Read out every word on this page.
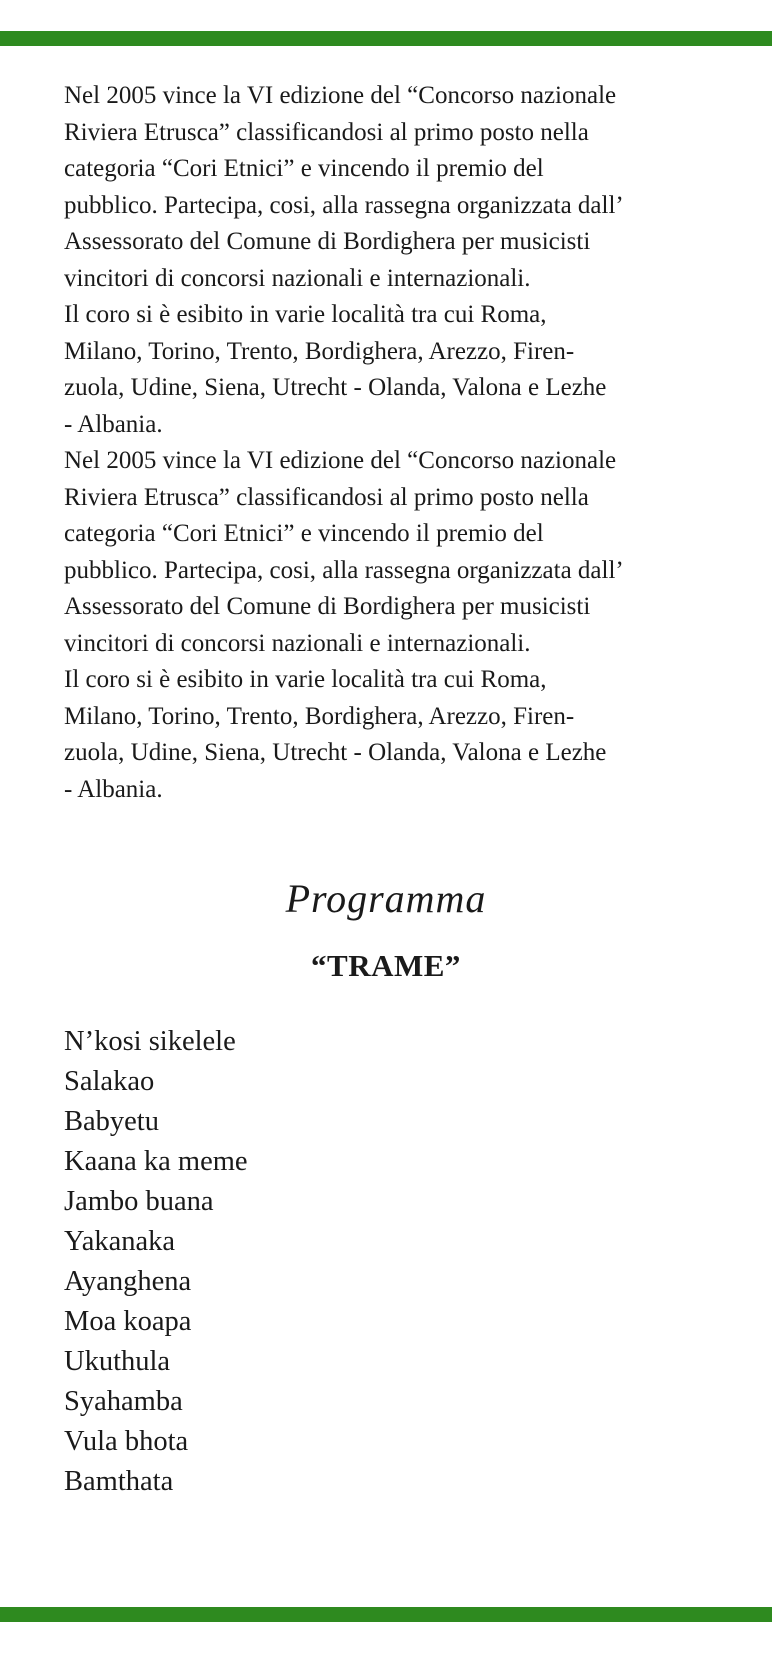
Nel 2005 vince la VI edizione del “Concorso nazionale

Riviera Etrusca” classificandosi al primo posto nella

categoria “Cori Etnici” e vincendo il premio del

pubblico. Partecipa, cosi, alla rassegna organizzata dall’

Assessorato del Comune di Bordighera per musicisti

vincitori di concorsi nazionali e internazionali.

Il coro si è esibito in varie località tra cui Roma,

Milano, Torino, Trento, Bordighera, Arezzo, Firen-

zuola, Udine, Siena, Utrecht - Olanda, Valona e Lezhe

- Albania.

Nel 2005 vince la VI edizione del “Concorso nazionale

Riviera Etrusca” classificandosi al primo posto nella

categoria “Cori Etnici” e vincendo il premio del

pubblico. Partecipa, cosi, alla rassegna organizzata dall’

Assessorato del Comune di Bordighera per musicisti

vincitori di concorsi nazionali e internazionali.

Il coro si è esibito in varie località tra cui Roma,

Milano, Torino, Trento, Bordighera, Arezzo, Firen-

zuola, Udine, Siena, Utrecht - Olanda, Valona e Lezhe

- Albania.

Programma
“TRAME”
N’kosi sikelele
Salakao
Babyetu
Kaana ka meme
Jambo buana
Yakanaka
Ayanghena
Moa koapa
Ukuthula
Syahamba
Vula bhota
Bamthata
